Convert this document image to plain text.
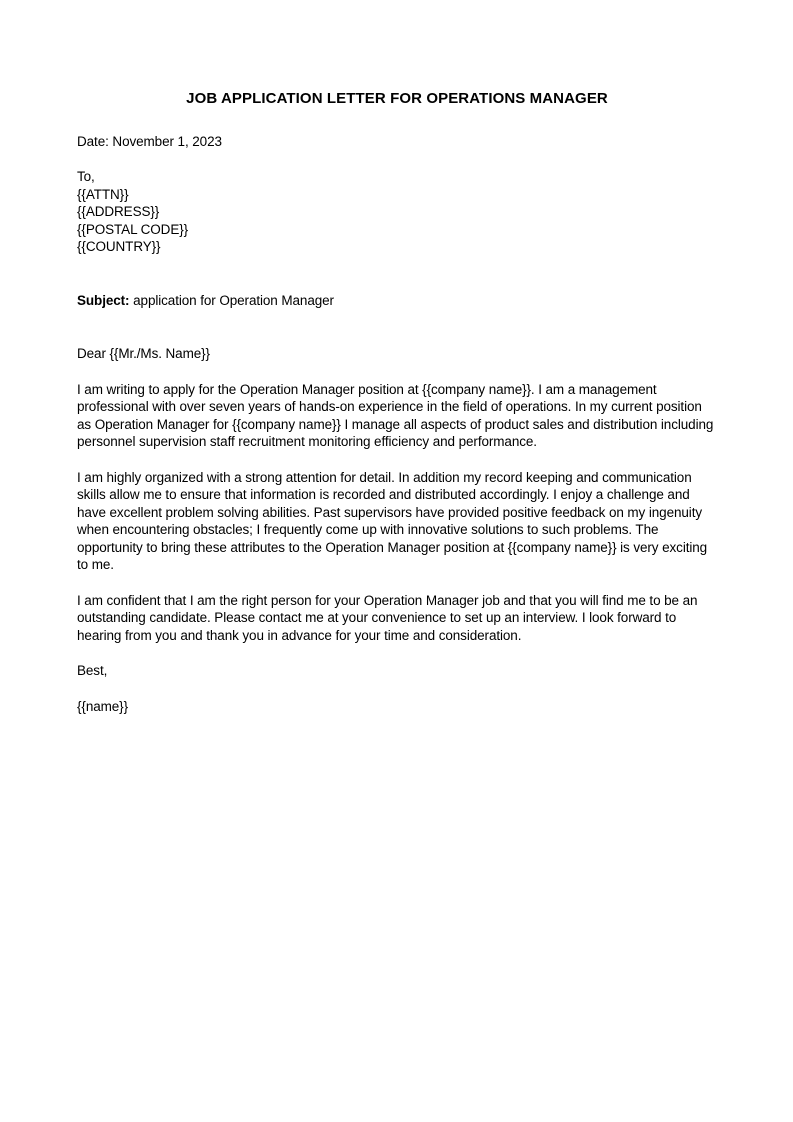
JOB APPLICATION LETTER FOR OPERATIONS MANAGER

Date: November 1, 2023

To,

{{ATTN}}

{{ADDRESS}}

{{POSTAL CODE}}

{{COUNTRY}}

Subject: application for Operation Manager

Dear {{Mr./Ms. Name}}

I am writing to apply for the Operation Manager position at {{company name}}. I am a management professional with over seven years of hands-on experience in the field of operations. In my current position as Operation Manager for {{company name}} I manage all aspects of product sales and distribution including personnel supervision staff recruitment monitoring efficiency and performance.

I am highly organized with a strong attention for detail. In addition my record keeping and communication skills allow me to ensure that information is recorded and distributed accordingly. I enjoy a challenge and have excellent problem solving abilities. Past supervisors have provided positive feedback on my ingenuity when encountering obstacles; I frequently come up with innovative solutions to such problems. The opportunity to bring these attributes to the Operation Manager position at {{company name}} is very exciting to me.

I am confident that I am the right person for your Operation Manager job and that you will find me to be an outstanding candidate. Please contact me at your convenience to set up an interview. I look forward to hearing from you and thank you in advance for your time and consideration.

Best,

{{name}}
